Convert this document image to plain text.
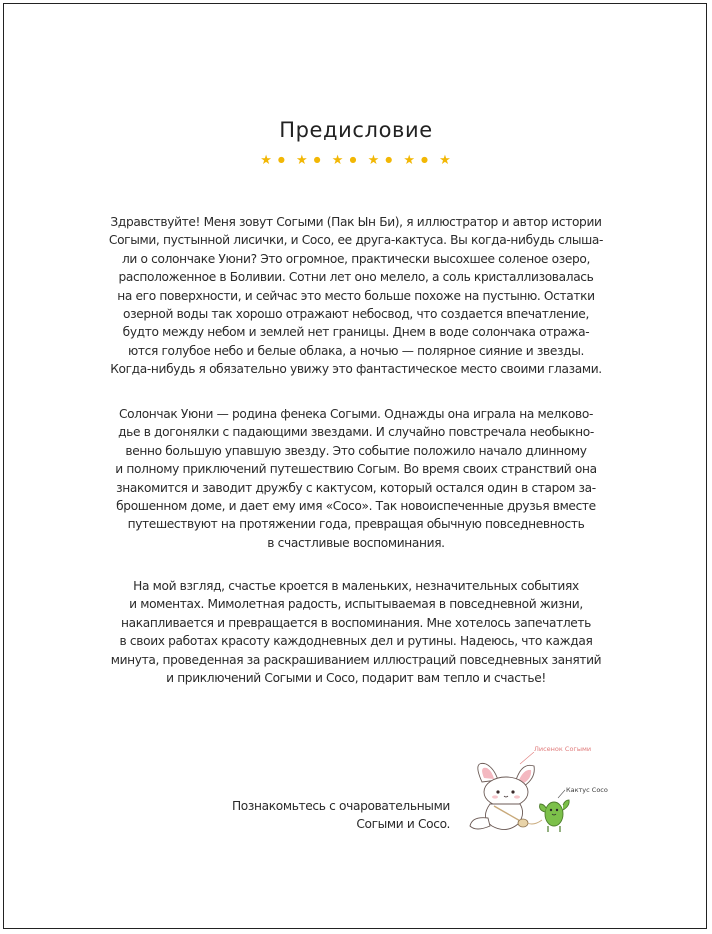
Предисловие
★ ● ★ ● ★ ● ★ ● ★ ● ★
Здравствуйте! Меня зовут Согыми (Пак Ын Би), я иллюстратор и автор истории
Согыми, пустынной лисички, и Соco, ее друга-кактуса. Вы когда-нибудь слыша-
ли о солончаке Уюни? Это огромное, практически высохшее соленое озеро,
расположенное в Боливии. Сотни лет оно мелело, а соль кристаллизовалась
на его поверхности, и сейчас это место больше похоже на пустыню. Остатки
озерной воды так хорошо отражают небосвод, что создается впечатление,
будто между небом и землей нет границы. Днем в воде солончака отража-
ются голубое небо и белые облака, а ночью — полярное сияние и звезды.
Когда-нибудь я обязательно увижу это фантастическое место своими глазами.
Солончак Уюни — родина фенека Согыми. Однажды она играла на мелково-
дье в догонялки с падающими звездами. И случайно повстречала необыкно-
венно большую упавшую звезду. Это событие положило начало длинному
и полному приключений путешествию Согым. Во время своих странствий она
знакомится и заводит дружбу с кактусом, который остался один в старом за-
брошенном доме, и дает ему имя «Соco». Так новоиспеченные друзья вместе
путешествуют на протяжении года, превращая обычную повседневность
в счастливые воспоминания.
На мой взгляд, счастье кроется в маленьких, незначительных событиях
и моментах. Мимолетная радость, испытываемая в повседневной жизни,
накапливается и превращается в воспоминания. Мне хотелось запечатлеть
в своих работах красоту каждодневных дел и рутины. Надеюсь, что каждая
минута, проведенная за раскрашиванием иллюстраций повседневных занятий
и приключений Согыми и Соco, подарит вам тепло и счастье!
Познакомьтесь с очаровательными
Согыми и Соco.
Лисенок Согыми
Кактус Соco
